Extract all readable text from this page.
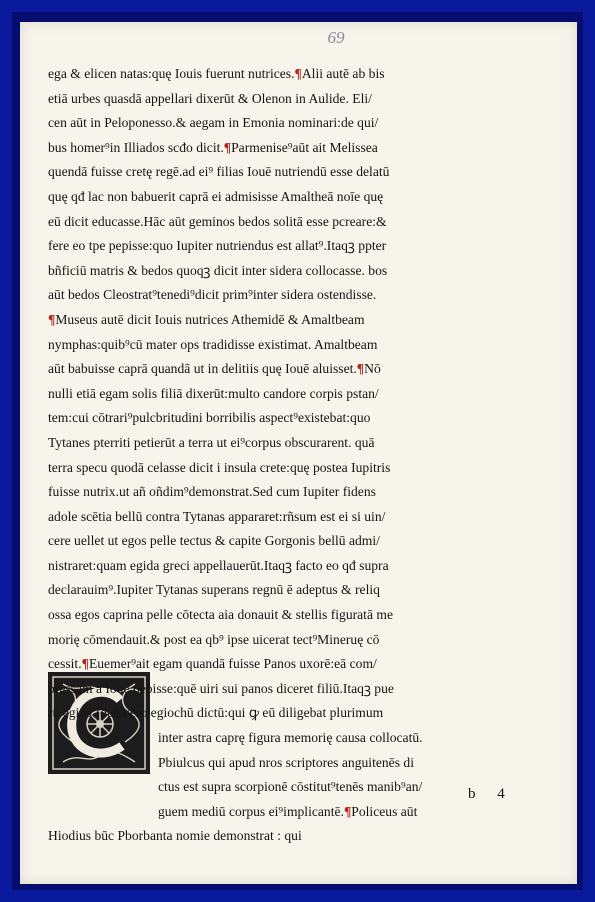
69
ega & elicen natas:quę Iouis fuerunt nutrices.¶Alii autē ab bis
etiā urbes quasdā appellari dixerūt & Olenon in Aulide. Eli/
cen aūt in Peloponesso.& aegam in Emonia nominari:de qui/
bus homer⁹in Illiados scđo dicit.¶Parmenise⁹aūt ait Melissea
quendā fuisse cretę regē.ad ei⁹ filias Iouē nutriendū esse delatū
quę qđ lac non babuerit caprā ei admisisse Amaltheā noīe quę
eū dicit educasse.Hāc aūt geminos bedos solitā esse pcreare:&
fere eo tpe pepisse:quo Iupiter nutriendus est allat⁹.Itaqꝫ ppter
bñficiū matris & bedos quoqꝫ dicit inter sidera collocasse. bos
aūt bedos Cleostrat⁹tenedi⁹dicit prim⁹inter sidera ostendisse.
¶Museus autē dicit Iouis nutrices Athemidē & Amaltbeam
nymphas:quib⁹cū mater ops tradidisse existimat. Amaltbeam
aūt babuisse caprā quandā ut in delitiis quę Iouē aluisset.¶Nō
nulli etiā egam solis filiā dixerūt:multo candore corpis pstan/
tem:cui cōtrari⁹pulcbritudini borribilis aspect⁹existebat:quo
Tytanes pterriti petierūt a terra ut ei⁹corpus obscurarent. quā
terra specu quodā celasse dicit i insula crete:quę postea Iupitris
fuisse nutrix.ut añ oñdim⁹demonstrat.Sed cum Iupiter fidens
adole scētia bellū contra Tytanas appararet:rñsum est ei si uin/
cere uellet ut egos pelle tectus & capite Gorgonis bellū admi/
nistraret:quam egida greci appellauerūt.Itaqꝫ facto eo qđ supra
declarauim⁹.Iupiter Tytanas superans regnū ē adeptus & reliq
ossa egos caprina pelle cōtecta aia donauit & stellis figuratā me
morię cōmendauit.& post ea qb⁹ ipse uicerat tect⁹Mineruę cō
cessit.¶Euemer⁹ait egam quandā fuisse Panos uxorē:eā com/
pressam a Ioue pepisse:quē uiri sui panos diceret filiū.Itaqꝫ pue
rū egipā.Iouē uero egiochū dictū:qui ꝙ eū diligebat plurimum
inter astra caprę figura memorię causa collocatū.
Pbiulcus qui apud nros scriptores anguitenēs di
ctus est supra scorpionē cōstitut⁹tenēs manib⁹an/
guem mediū corpus ei⁹implicantē.¶Policeus aūt
Hiodius būc Pborbanta nomie demonstrat : qui
b 4
